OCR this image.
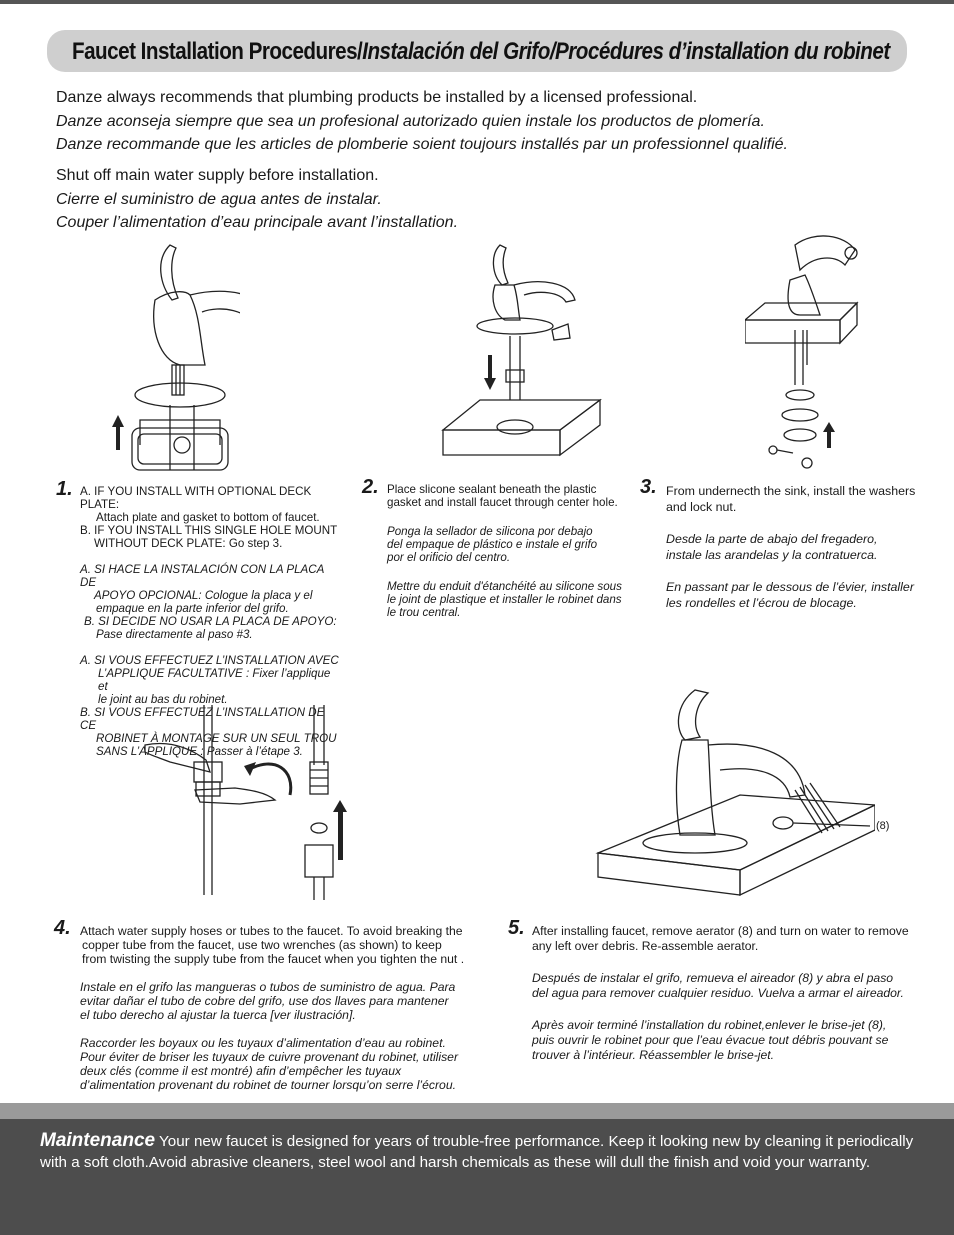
Faucet Installation Procedures/Instalación del Grifo/Procédures d’installation du robinet

Danze always recommends that plumbing products be installed by a licensed professional.

Danze aconseja siempre que sea un profesional autorizado quien instale los productos de plomería.

Danze recommande que les articles de plomberie soient toujours installés par un professionnel qualifié.

Shut off main water supply before installation.

Cierre el suministro de agua antes de instalar.

Couper l’alimentation d’eau principale avant l’installation.

1. A. IF YOU INSTALL WITH OPTIONAL DECK PLATE:

Attach plate and gasket to bottom of faucet.

B. IF YOU INSTALL THIS SINGLE HOLE MOUNT

WITHOUT DECK PLATE: Go step 3.

A. SI HACE LA INSTALACIÓN CON LA PLACA DE

APOYO OPCIONAL: Cologue la placa y el

empaque en la parte inferior del grifo.

B. SI DECIDE NO USAR LA PLACA DE APOYO:

Pase directamente al paso #3.

A. SI VOUS EFFECTUEZ L’INSTALLATION AVEC

L’APPLIQUE FACULTATIVE : Fixer l’applique et

le joint au bas du robinet.

B. SI VOUS EFFECTUEZ L’INSTALLATION DE CE

ROBINET À MONTAGE SUR UN SEUL TROU

SANS L’APPLIQUE : Passer à l’étape 3.

2. Place slicone sealant beneath the plastic

gasket and install faucet through center hole.

Ponga la sellador de silicona por debajo

del empaque de plástico e instale el grifo

por el orificio del centro.

Mettre du enduit d'étanchéité au silicone sous

le joint de plastique et installer le robinet dans

le trou central.

3. From undernecth the sink, install the washers

and lock nut.

Desde la parte de abajo del fregadero,

instale las arandelas y la contratuerca.

En passant par le dessous de l’évier, installer

les rondelles et l’écrou de blocage.

(8)
4. Attach water supply hoses or tubes to the faucet. To avoid breaking the

copper tube from the faucet, use two wrenches (as shown) to keep

from twisting the supply tube from the faucet when you tighten the nut .

Instale en el grifo las mangueras o tubos de suministro de agua. Para

evitar dañar el tubo de cobre del grifo, use dos llaves para mantener

el tubo derecho al ajustar la tuerca [ver ilustración].

Raccorder les boyaux ou les tuyaux d’alimentation d’eau au robinet.

Pour éviter de briser les tuyaux de cuivre provenant du robinet, utiliser

deux clés (comme il est montré) afin d’empêcher les tuyaux

d’alimentation provenant du robinet de tourner lorsqu’on serre l’écrou.

5. After installing faucet, remove aerator (8) and turn on water to remove

any left over debris. Re-assemble aerator.

Después de instalar el grifo, remueva el aireador (8) y abra el paso

del agua para remover cualquier residuo. Vuelva a armar el aireador.

Après avoir terminé l’installation du robinet,enlever le brise-jet (8),

puis ouvrir le robinet pour que l’eau évacue tout débris pouvant se

trouver à l’intérieur. Réassembler le brise-jet.

Maintenance Your new faucet is designed for years of trouble-free performance. Keep it looking new by cleaning it periodically with a soft cloth.Avoid abrasive cleaners, steel wool and harsh chemicals as these will dull the finish and void your warranty.
